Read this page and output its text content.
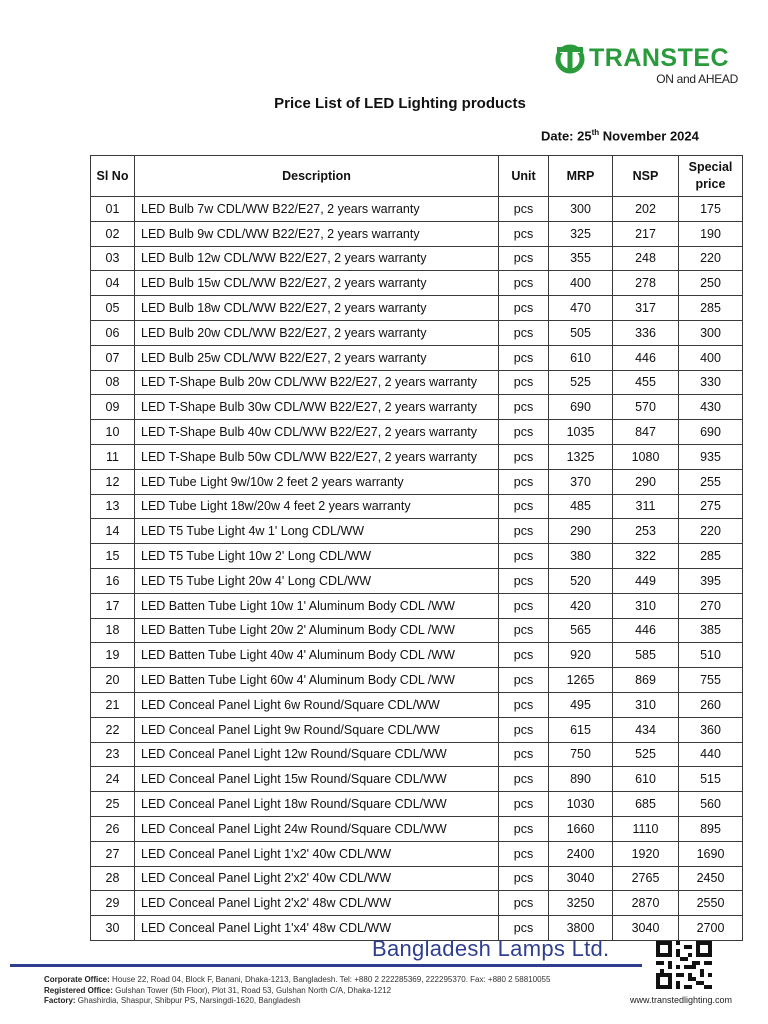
TRANSTEC
ON and AHEAD
Price List of LED Lighting products
Date: 25th November 2024
Sl No	Description	Unit	MRP	NSP	Special price
01	LED Bulb 7w CDL/WW B22/E27, 2 years warranty	pcs	300	202	175
02	LED Bulb 9w CDL/WW B22/E27, 2 years warranty	pcs	325	217	190
03	LED Bulb 12w CDL/WW B22/E27, 2 years warranty	pcs	355	248	220
04	LED Bulb 15w CDL/WW B22/E27, 2 years warranty	pcs	400	278	250
05	LED Bulb 18w CDL/WW B22/E27, 2 years warranty	pcs	470	317	285
06	LED Bulb 20w CDL/WW B22/E27, 2 years warranty	pcs	505	336	300
07	LED Bulb 25w CDL/WW B22/E27, 2 years warranty	pcs	610	446	400
08	LED T-Shape Bulb 20w CDL/WW B22/E27, 2 years warranty	pcs	525	455	330
09	LED T-Shape Bulb 30w CDL/WW B22/E27, 2 years warranty	pcs	690	570	430
10	LED T-Shape Bulb 40w CDL/WW B22/E27, 2 years warranty	pcs	1035	847	690
11	LED T-Shape Bulb 50w CDL/WW B22/E27, 2 years warranty	pcs	1325	1080	935
12	LED Tube Light 9w/10w 2 feet 2 years warranty	pcs	370	290	255
13	LED Tube Light 18w/20w 4 feet 2 years warranty	pcs	485	311	275
14	LED T5 Tube Light 4w 1' Long CDL/WW	pcs	290	253	220
15	LED T5 Tube Light 10w 2' Long CDL/WW	pcs	380	322	285
16	LED T5 Tube Light 20w 4' Long CDL/WW	pcs	520	449	395
17	LED Batten Tube Light 10w 1' Aluminum Body CDL /WW	pcs	420	310	270
18	LED Batten Tube Light 20w 2' Aluminum Body CDL /WW	pcs	565	446	385
19	LED Batten Tube Light 40w 4' Aluminum Body CDL /WW	pcs	920	585	510
20	LED Batten Tube Light 60w 4' Aluminum Body CDL /WW	pcs	1265	869	755
21	LED Conceal Panel Light 6w Round/Square CDL/WW	pcs	495	310	260
22	LED Conceal Panel Light 9w Round/Square CDL/WW	pcs	615	434	360
23	LED Conceal Panel Light 12w Round/Square CDL/WW	pcs	750	525	440
24	LED Conceal Panel Light 15w Round/Square CDL/WW	pcs	890	610	515
25	LED Conceal Panel Light 18w Round/Square CDL/WW	pcs	1030	685	560
26	LED Conceal Panel Light 24w Round/Square CDL/WW	pcs	1660	1110	895
27	LED Conceal Panel Light 1'x2' 40w CDL/WW	pcs	2400	1920	1690
28	LED Conceal Panel Light 2'x2' 40w CDL/WW	pcs	3040	2765	2450
29	LED Conceal Panel Light 2'x2' 48w CDL/WW	pcs	3250	2870	2550
30	LED Conceal Panel Light 1'x4' 48w CDL/WW	pcs	3800	3040	2700
Bangladesh Lamps Ltd.
Corporate Office: House 22, Road 04, Block F, Banani, Dhaka-1213, Bangladesh. Tel: +880 2 222285369, 222295370. Fax: +880 2 58810055
Registered Office: Gulshan Tower (5th Floor), Plot 31, Road 53, Gulshan North C/A, Dhaka-1212
Factory: Ghashirdia, Shaspur, Shibpur PS, Narsingdi-1620, Bangladesh	www.transtedlighting.com
